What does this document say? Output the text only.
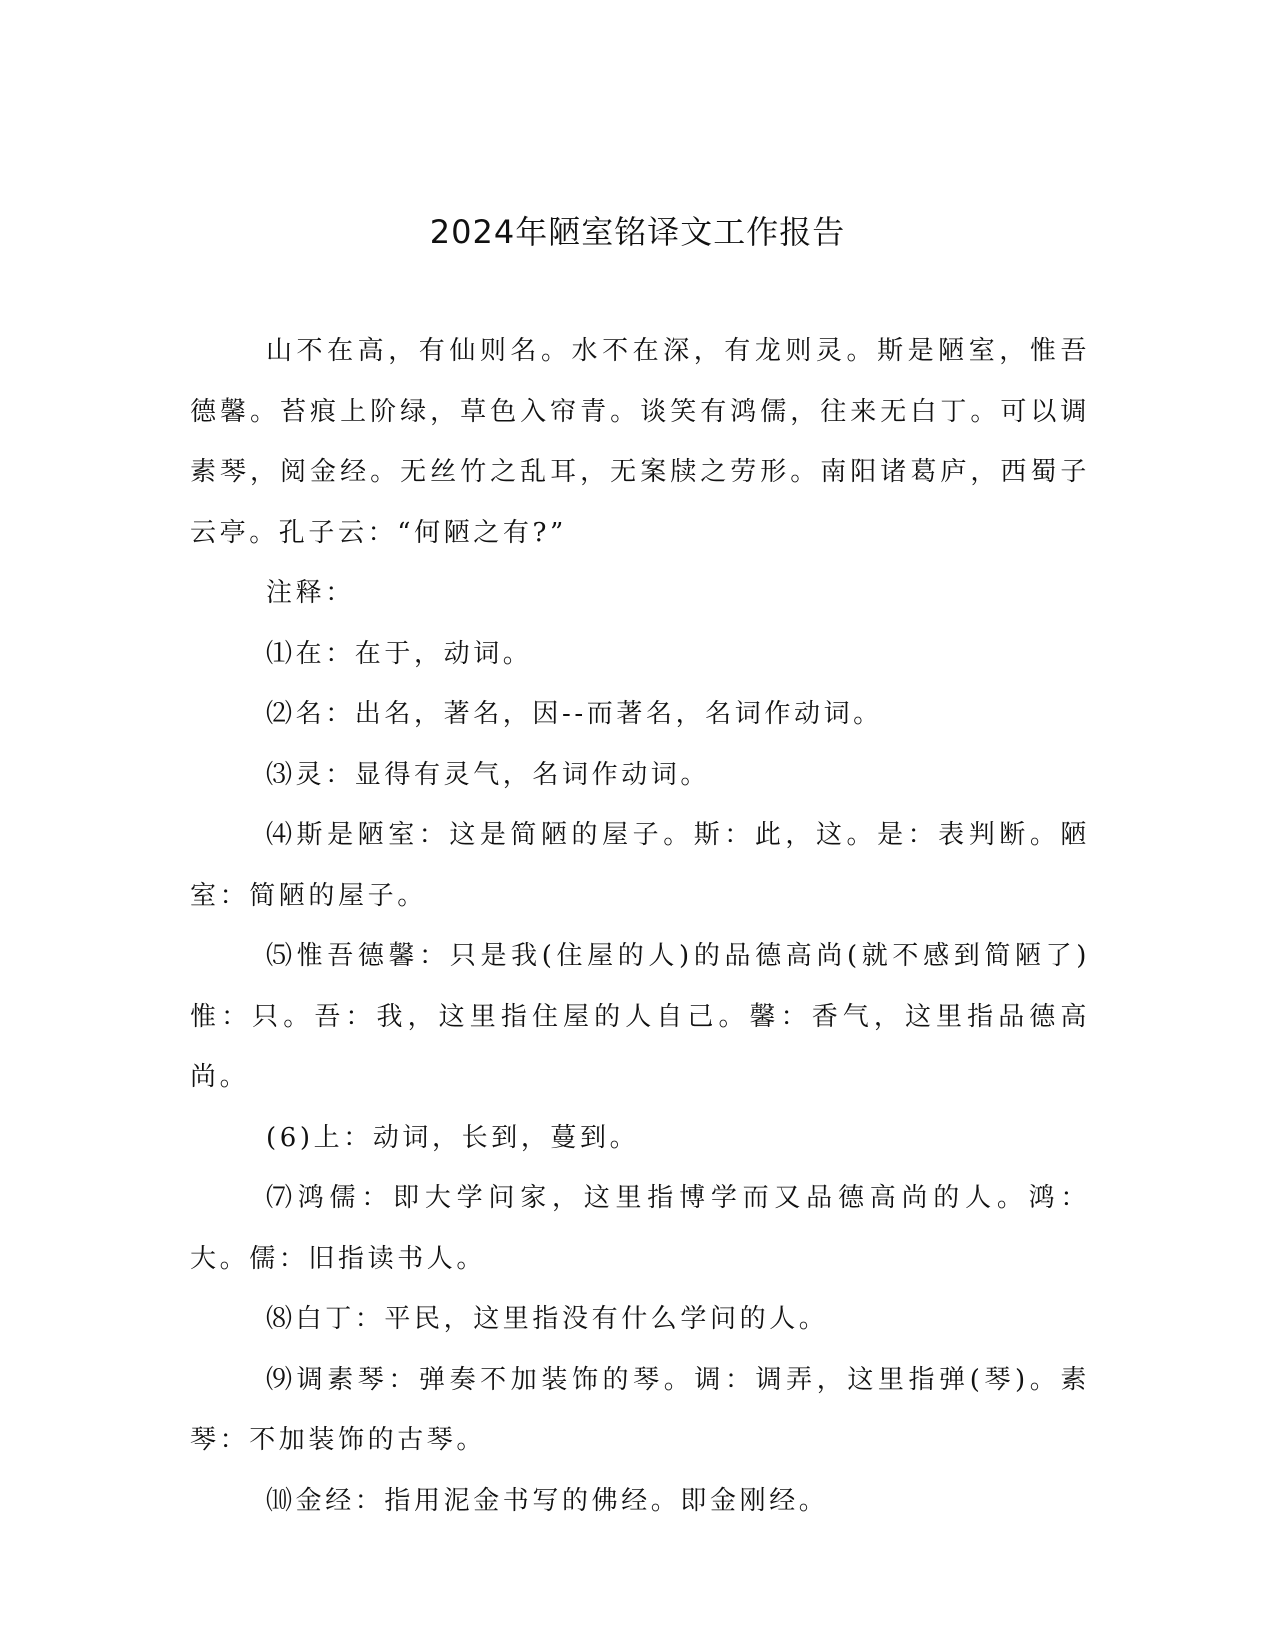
2024年陋室铭译文工作报告

山不在高，有仙则名。水不在深，有龙则灵。斯是陋室，惟吾德馨。苔痕上阶绿，草色入帘青。谈笑有鸿儒，往来无白丁。可以调素琴，阅金经。无丝竹之乱耳，无案牍之劳形。南阳诸葛庐，西蜀子云亭。孔子云：“何陋之有?”

注释：

⑴在：在于，动词。

⑵名：出名，著名，因--而著名，名词作动词。

⑶灵：显得有灵气，名词作动词。

⑷斯是陋室：这是简陋的屋子。斯：此，这。是：表判断。陋室：简陋的屋子。

⑸惟吾德馨：只是我(住屋的人)的品德高尚(就不感到简陋了)惟：只。吾：我，这里指住屋的人自己。馨：香气，这里指品德高尚。

(6)上：动词，长到，蔓到。

⑺鸿儒：即大学问家，这里指博学而又品德高尚的人。鸿：大。儒：旧指读书人。

⑻白丁：平民，这里指没有什么学问的人。

⑼调素琴：弹奏不加装饰的琴。调：调弄，这里指弹(琴)。素琴：不加装饰的古琴。

⑽金经：指用泥金书写的佛经。即金刚经。
